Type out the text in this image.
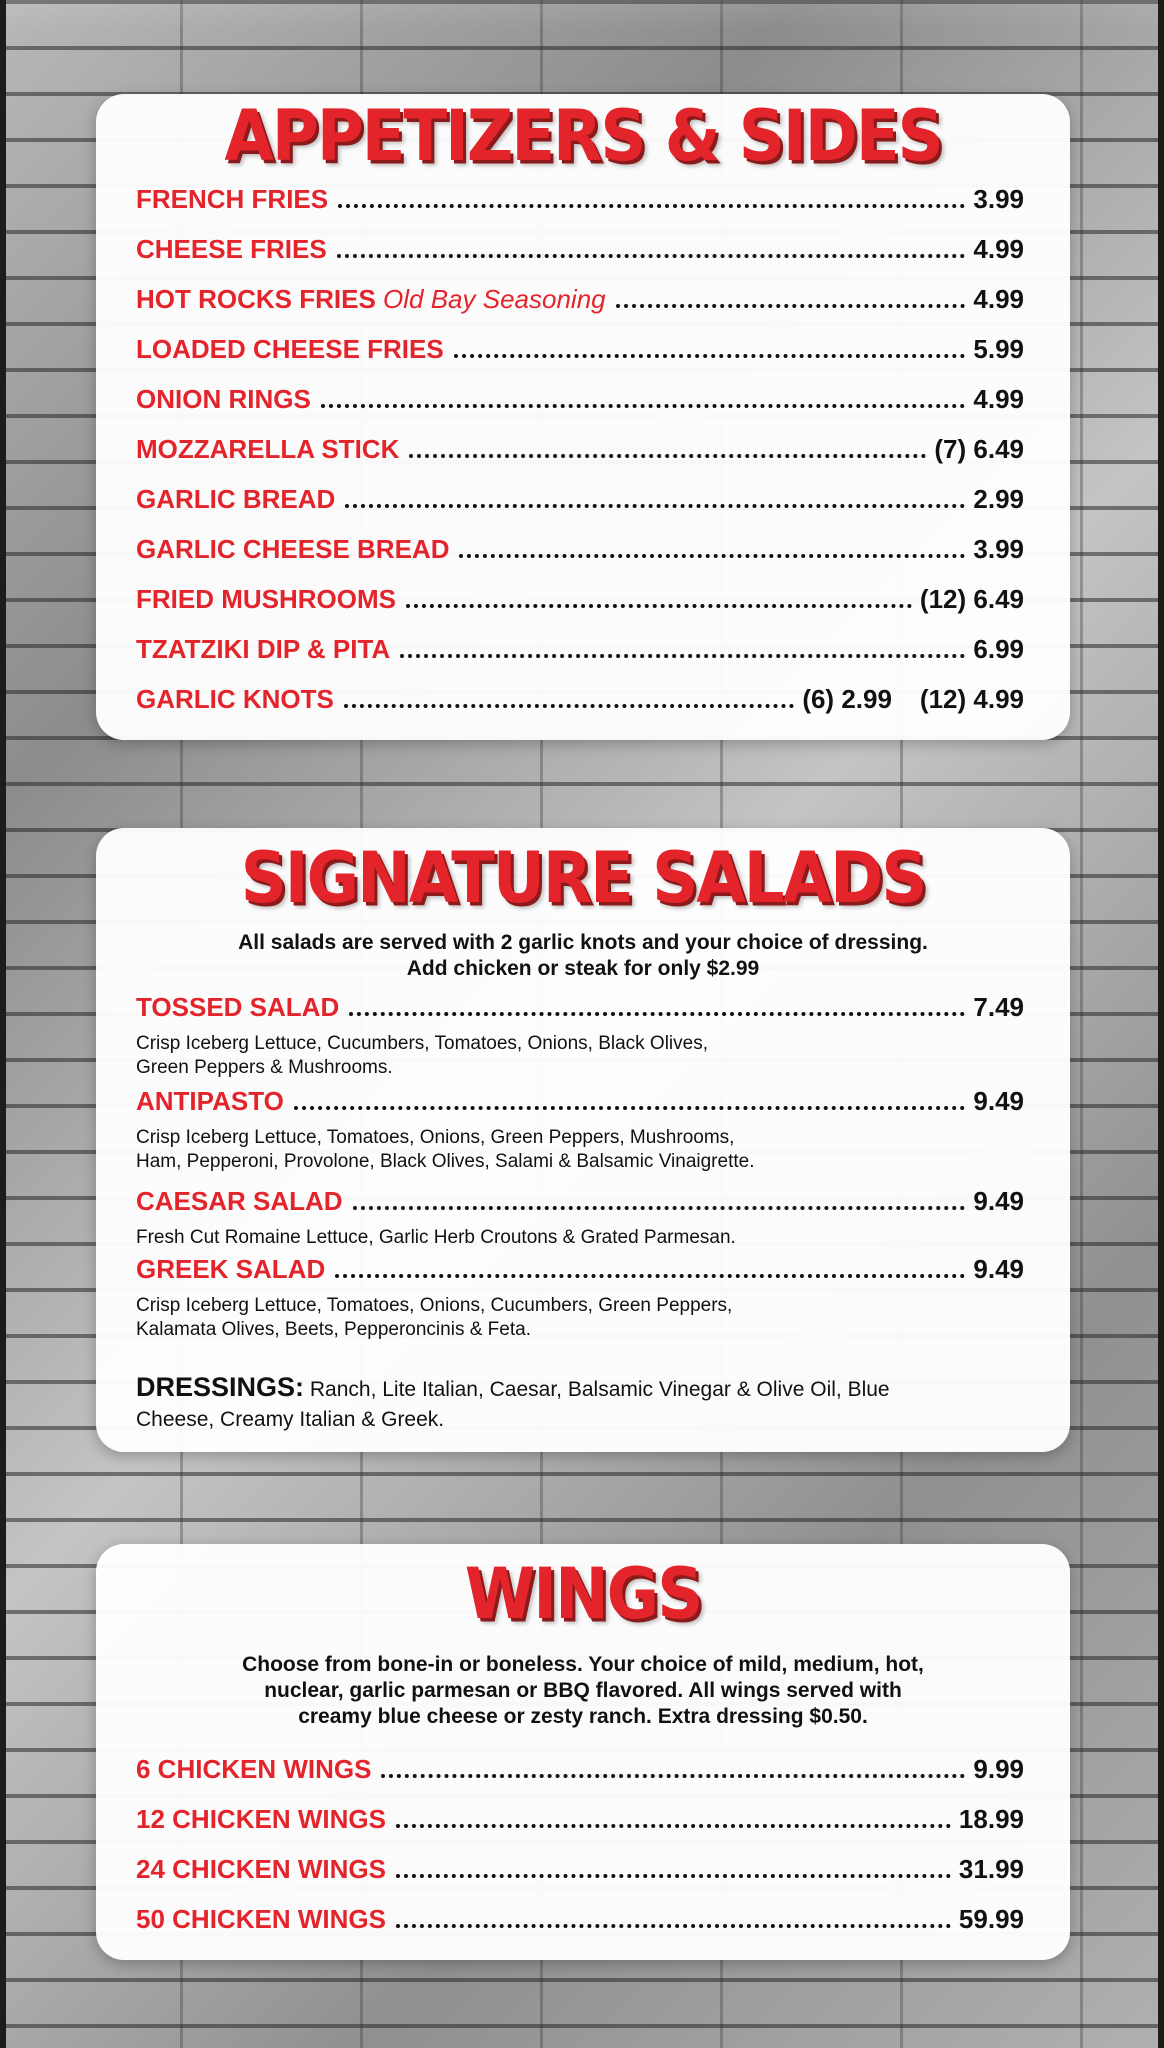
APPETIZERS & SIDES
FRENCH FRIES	3.99
CHEESE FRIES	4.99
HOT ROCKS FRIES Old Bay Seasoning	4.99
LOADED CHEESE FRIES	5.99
ONION RINGS	4.99
MOZZARELLA STICK	(7) 6.49
GARLIC BREAD	2.99
GARLIC CHEESE BREAD	3.99
FRIED MUSHROOMS	(12) 6.49
TZATZIKI DIP & PITA	6.99
GARLIC KNOTS	(6) 2.99 (12) 4.99
SIGNATURE SALADS
All salads are served with 2 garlic knots and your choice of dressing.
Add chicken or steak for only $2.99
TOSSED SALAD	7.49
Crisp Iceberg Lettuce, Cucumbers, Tomatoes, Onions, Black Olives,
Green Peppers & Mushrooms.
ANTIPASTO	9.49
Crisp Iceberg Lettuce, Tomatoes, Onions, Green Peppers, Mushrooms,
Ham, Pepperoni, Provolone, Black Olives, Salami & Balsamic Vinaigrette.
CAESAR SALAD	9.49
Fresh Cut Romaine Lettuce, Garlic Herb Croutons & Grated Parmesan.
GREEK SALAD	9.49
Crisp Iceberg Lettuce, Tomatoes, Onions, Cucumbers, Green Peppers,
Kalamata Olives, Beets, Pepperoncinis & Feta.
DRESSINGS: Ranch, Lite Italian, Caesar, Balsamic Vinegar & Olive Oil, Blue
Cheese, Creamy Italian & Greek.
WINGS
Choose from bone-in or boneless. Your choice of mild, medium, hot,
nuclear, garlic parmesan or BBQ flavored. All wings served with
creamy blue cheese or zesty ranch. Extra dressing $0.50.
6 CHICKEN WINGS	9.99
12 CHICKEN WINGS	18.99
24 CHICKEN WINGS	31.99
50 CHICKEN WINGS	59.99
